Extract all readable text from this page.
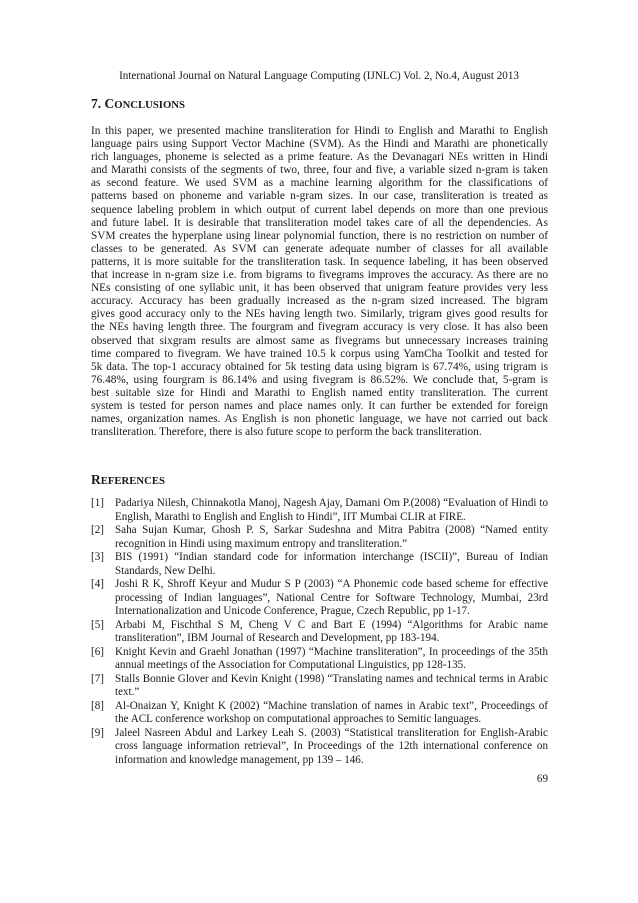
International Journal on Natural Language Computing (IJNLC) Vol. 2, No.4, August 2013
7. CONCLUSIONS
In this paper, we presented machine transliteration for Hindi to English and Marathi to English
language pairs using Support Vector Machine (SVM). As the Hindi and Marathi are phonetically
rich languages, phoneme is selected as a prime feature. As the Devanagari NEs written in Hindi
and Marathi consists of the segments of two, three, four and five, a variable sized n-gram is taken
as second feature. We used SVM as a machine learning algorithm for the classifications of
patterns based on phoneme and variable n-gram sizes. In our case, transliteration is treated as
sequence labeling problem in which output of current label depends on more than one previous
and future label. It is desirable that transliteration model takes care of all the dependencies. As
SVM creates the hyperplane using linear polynomial function, there is no restriction on number of
classes to be generated. As SVM can generate adequate number of classes for all available
patterns, it is more suitable for the transliteration task. In sequence labeling, it has been observed
that increase in n-gram size i.e. from bigrams to fivegrams improves the accuracy. As there are no
NEs consisting of one syllabic unit, it has been observed that unigram feature provides very less
accuracy. Accuracy has been gradually increased as the n-gram sized increased. The bigram
gives good accuracy only to the NEs having length two. Similarly, trigram gives good results for
the NEs having length three. The fourgram and fivegram accuracy is very close. It has also been
observed that sixgram results are almost same as fivegrams but unnecessary increases training
time compared to fivegram. We have trained 10.5 k corpus using YamCha Toolkit and tested for
5k data. The top-1 accuracy obtained for 5k testing data using bigram is 67.74%, using trigram is
76.48%, using fourgram is 86.14% and using fivegram is 86.52%. We conclude that, 5-gram is
best suitable size for Hindi and Marathi to English named entity transliteration. The current
system is tested for person names and place names only. It can further be extended for foreign
names, organization names. As English is non phonetic language, we have not carried out back
transliteration. Therefore, there is also future scope to perform the back transliteration.
REFERENCES
[1] Padariya Nilesh, Chinnakotla Manoj, Nagesh Ajay, Damani Om P.(2008) “Evaluation of Hindi to English, Marathi to English and English to Hindi”, IIT Mumbai CLIR at FIRE.
[2] Saha Sujan Kumar, Ghosh P. S, Sarkar Sudeshna and Mitra Pabitra (2008) “Named entity recognition in Hindi using maximum entropy and transliteration.”
[3] BIS (1991) “Indian standard code for information interchange (ISCII)”, Bureau of Indian Standards, New Delhi.
[4] Joshi R K, Shroff Keyur and Mudur S P (2003) “A Phonemic code based scheme for effective processing of Indian languages”, National Centre for Software Technology, Mumbai, 23rd Internationalization and Unicode Conference, Prague, Czech Republic, pp 1-17.
[5] Arbabi M, Fischthal S M, Cheng V C and Bart E (1994) “Algorithms for Arabic name transliteration”, IBM Journal of Research and Development, pp 183-194.
[6] Knight Kevin and Graehl Jonathan (1997) “Machine transliteration”, In proceedings of the 35th annual meetings of the Association for Computational Linguistics, pp 128-135.
[7] Stalls Bonnie Glover and Kevin Knight (1998) “Translating names and technical terms in Arabic text.”
[8] Al-Onaizan Y, Knight K (2002) “Machine translation of names in Arabic text”, Proceedings of the ACL conference workshop on computational approaches to Semitic languages.
[9] Jaleel Nasreen Abdul and Larkey Leah S. (2003) “Statistical transliteration for English-Arabic cross language information retrieval”, In Proceedings of the 12th international conference on information and knowledge management, pp 139 – 146.
69
